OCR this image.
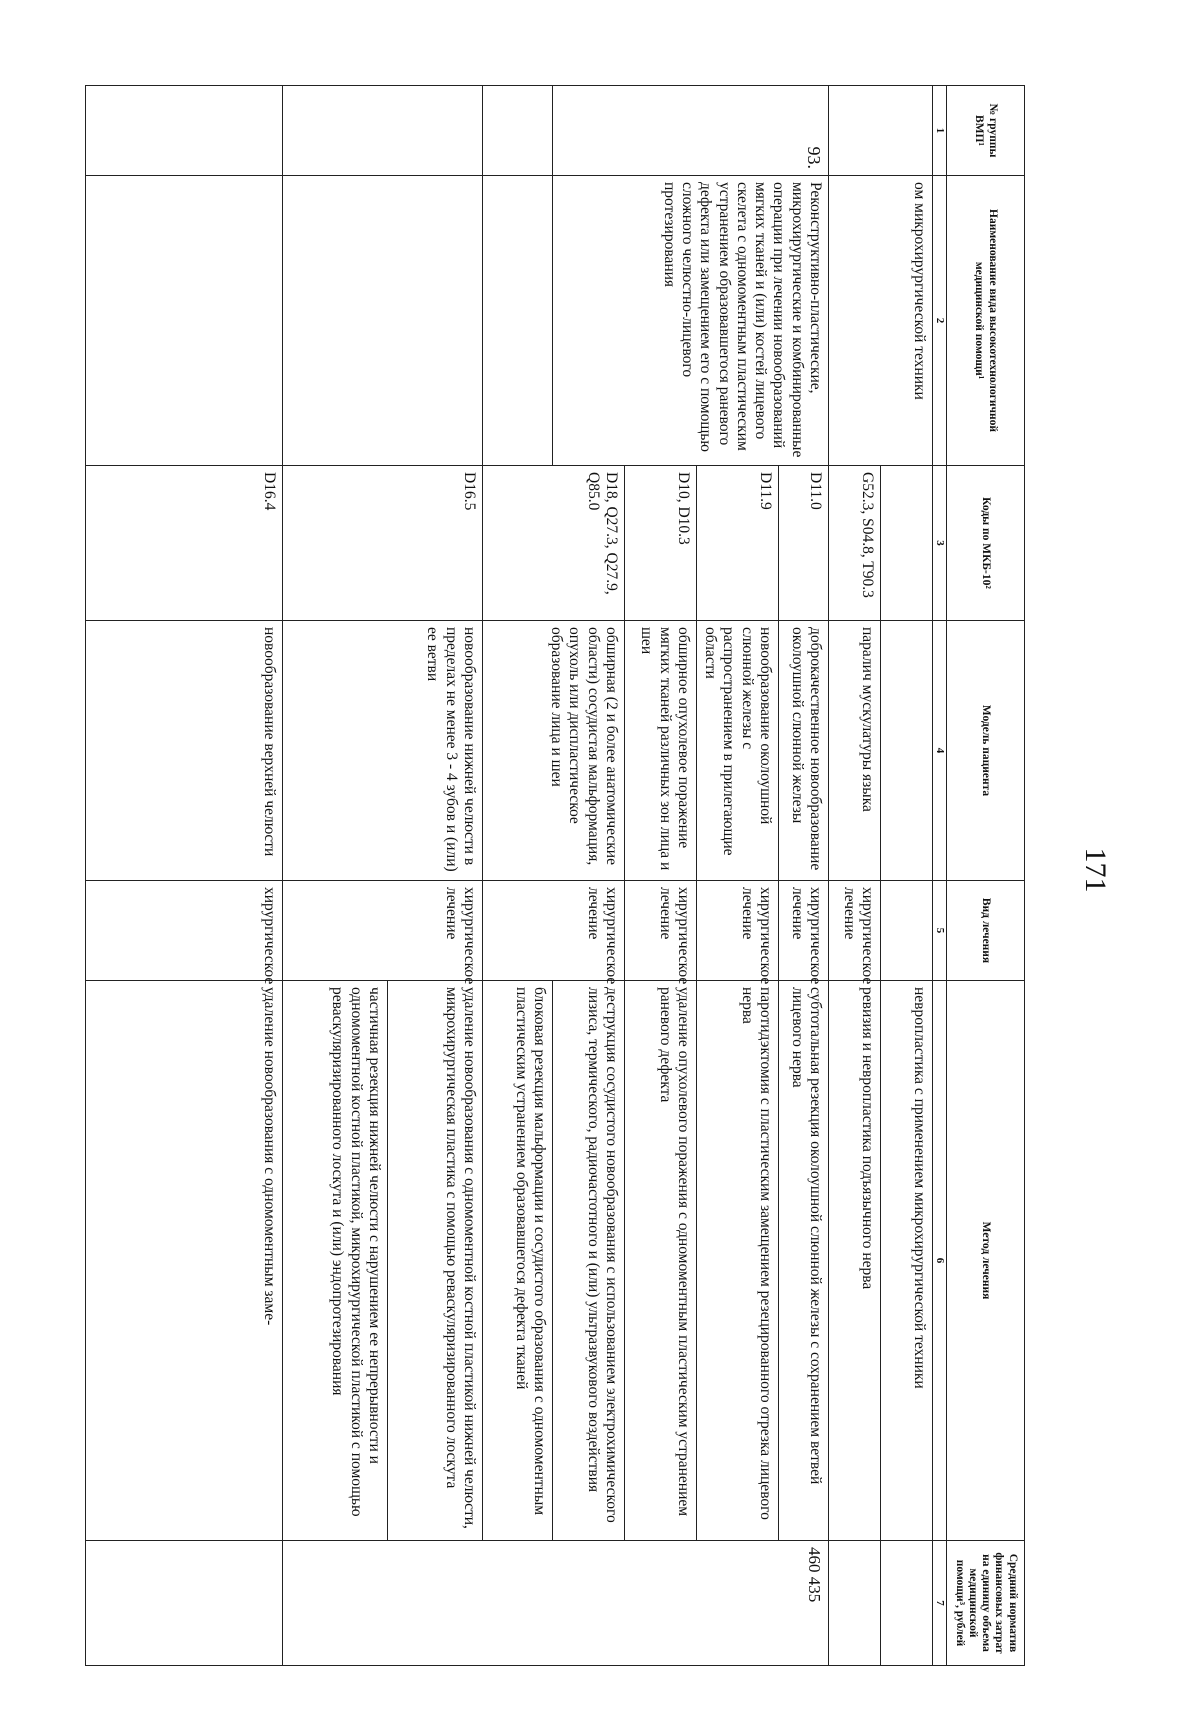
171
№ группы ВМП¹	Наименование вида высокотехнологичной медицинской помощи¹	Коды по МКБ-10²	Модель пациента	Вид лечения	Метод лечения	Средний норматив финансовых затрат на единицу объема медицинской помощи³, рублей	
1	2	3	4	5	6	7	
	ом микрохирургической техники				невропластика с применением микрохирургической техники		
		G52.3, S04.8, T90.3	паралич мускулатуры языка	хирургическое лечение	ревизия и невропластика подъязычного нерва		
93.	Реконструктивно-пластические, микрохирургические и комбинированные операции при лечении новообразований мягких тканей и (или) костей лицевого скелета с одномоментным пластическим устранением образовавшегося раневого дефекта или замещением его с помощью сложного челюстно-лицевого протезирования	D11.0	доброкачественное новообразование околоушной слюнной железы	хирургическое лечение	субтотальная резекция околоушной слюнной железы с сохранением ветвей лицевого нерва	460 435	
		D11.9	новообразование околоушной слюнной железы с распространением в прилегающие области	хирургическое лечение	паротидэктомия с пластическим замещением резецированного отрезка лицевого нерва		
		D10, D10.3	обширное опухолевое поражение мягких тканей различных зон лица и шеи	хирургическое лечение	удаление опухолевого поражения с одномоментным пластическим устранением раневого дефекта		
		D18, Q27.3, Q27.9, Q85.0	обширная (2 и более анатомические области) сосудистая мальформация, опухоль или диспластическое образование лица и шеи	хирургическое лечение	деструкция сосудистого новообразования с использованием электрохимического лизиса, термического, радиочастотного и (или) ультразвукового воздействия		
					блоковая резекция мальформации и сосудистого образования с одномоментным пластическим устранением образовавшегося дефекта тканей		
		D16.5	новообразование нижней челюсти в пределах не менее 3 - 4 зубов и (или) ее ветви	хирургическое лечение	удаление новообразования с одномоментной костной пластикой нижней челюсти, микрохирургическая пластика с помощью реваскуляризированного лоскута		
					частичная резекция нижней челюсти с нарушением ее непрерывности и одномоментной костной пластикой, микрохирургической пластикой с помощью реваскуляризированного лоскута и (или) эндопротезирования		
		D16.4	новообразование верхней челюсти	хирургическое	удаление новообразования с одномоментным заме-		
